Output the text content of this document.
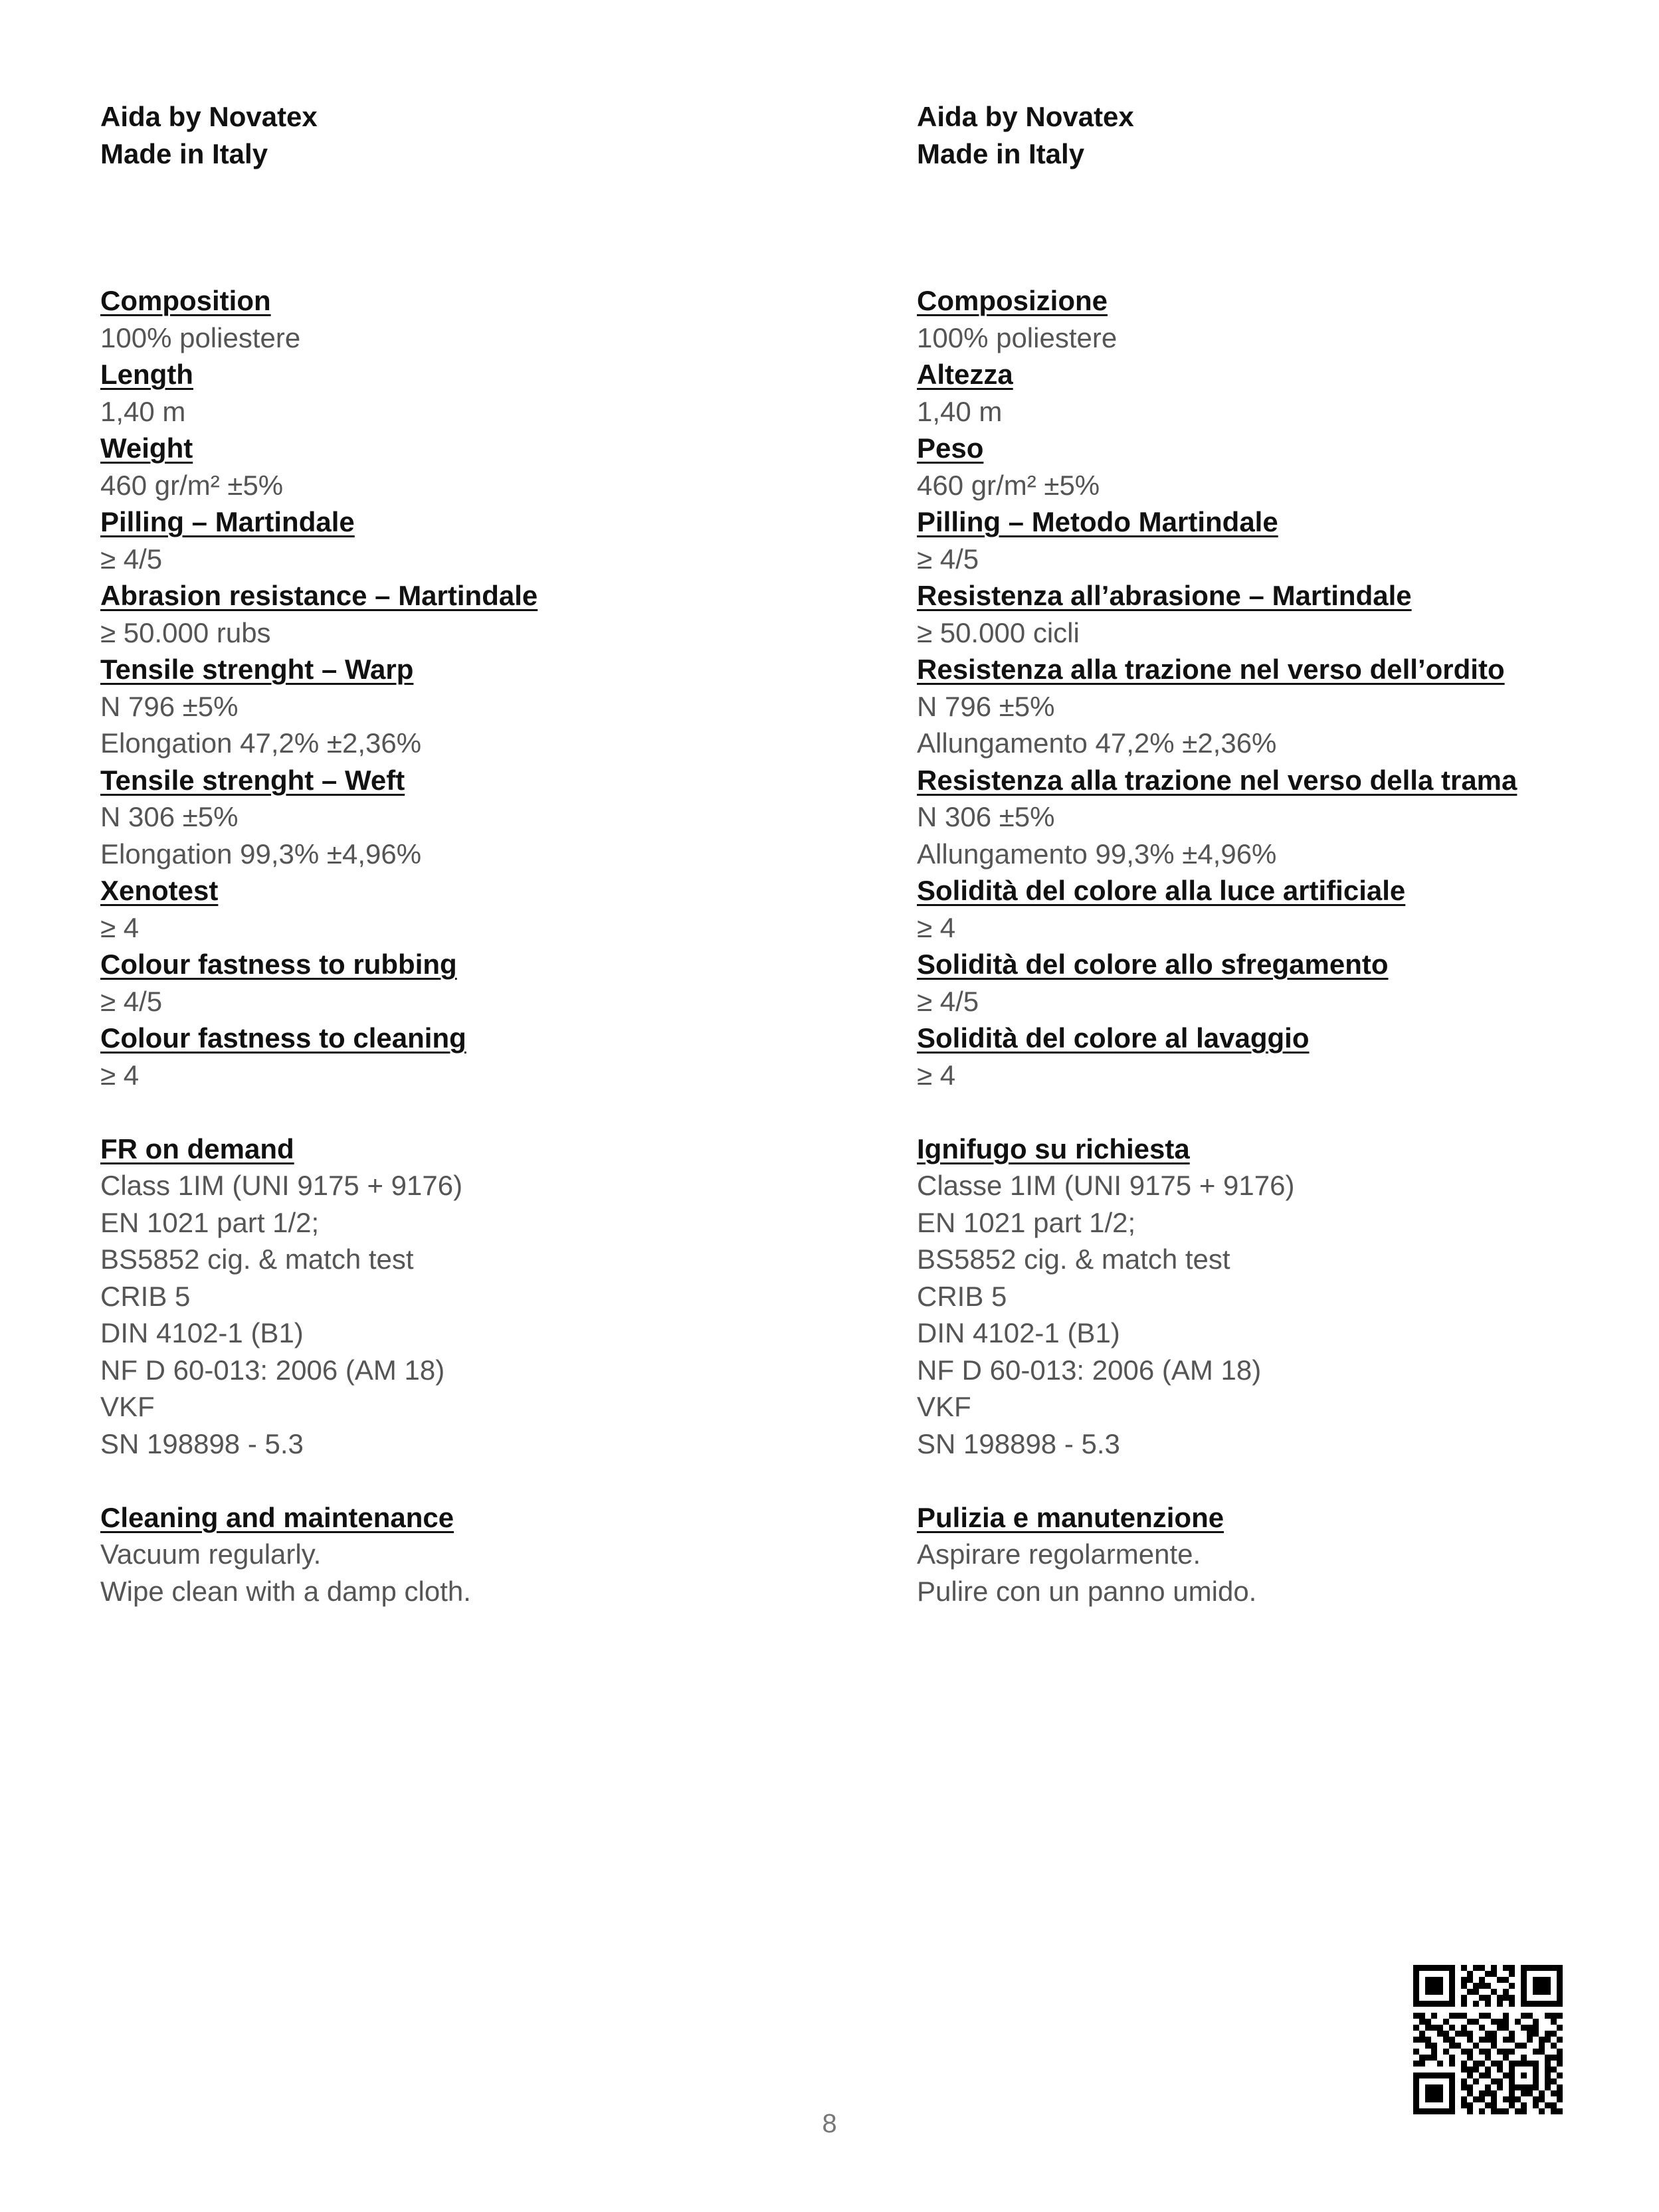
Aida by Novatex
Made in Italy
Composition
100% poliestere
Length
1,40 m
Weight
460 gr/m² ±5%
Pilling – Martindale
≥ 4/5
Abrasion resistance – Martindale
≥ 50.000 rubs
Tensile strenght – Warp
N 796 ±5%
Elongation 47,2% ±2,36%
Tensile strenght – Weft
N 306 ±5%
Elongation 99,3% ±4,96%
Xenotest
≥ 4
Colour fastness to rubbing
≥ 4/5
Colour fastness to cleaning
≥ 4
FR on demand
Class 1IM (UNI 9175 + 9176)
EN 1021 part 1/2;
BS5852 cig. & match test
CRIB 5
DIN 4102-1 (B1)
NF D 60-013: 2006 (AM 18)
VKF
SN 198898 - 5.3
Cleaning and maintenance
Vacuum regularly.
Wipe clean with a damp cloth.
Aida by Novatex
Made in Italy
Composizione
100% poliestere
Altezza
1,40 m
Peso
460 gr/m² ±5%
Pilling – Metodo Martindale
≥ 4/5
Resistenza all’abrasione – Martindale
≥ 50.000 cicli
Resistenza alla trazione nel verso dell’ordito
N 796 ±5%
Allungamento 47,2% ±2,36%
Resistenza alla trazione nel verso della trama
N 306 ±5%
Allungamento 99,3% ±4,96%
Solidità del colore alla luce artificiale
≥ 4
Solidità del colore allo sfregamento
≥ 4/5
Solidità del colore al lavaggio
≥ 4
Ignifugo su richiesta
Classe 1IM (UNI 9175 + 9176)
EN 1021 part 1/2;
BS5852 cig. & match test
CRIB 5
DIN 4102-1 (B1)
NF D 60-013: 2006 (AM 18)
VKF
SN 198898 - 5.3
Pulizia e manutenzione
Aspirare regolarmente.
Pulire con un panno umido.
8
